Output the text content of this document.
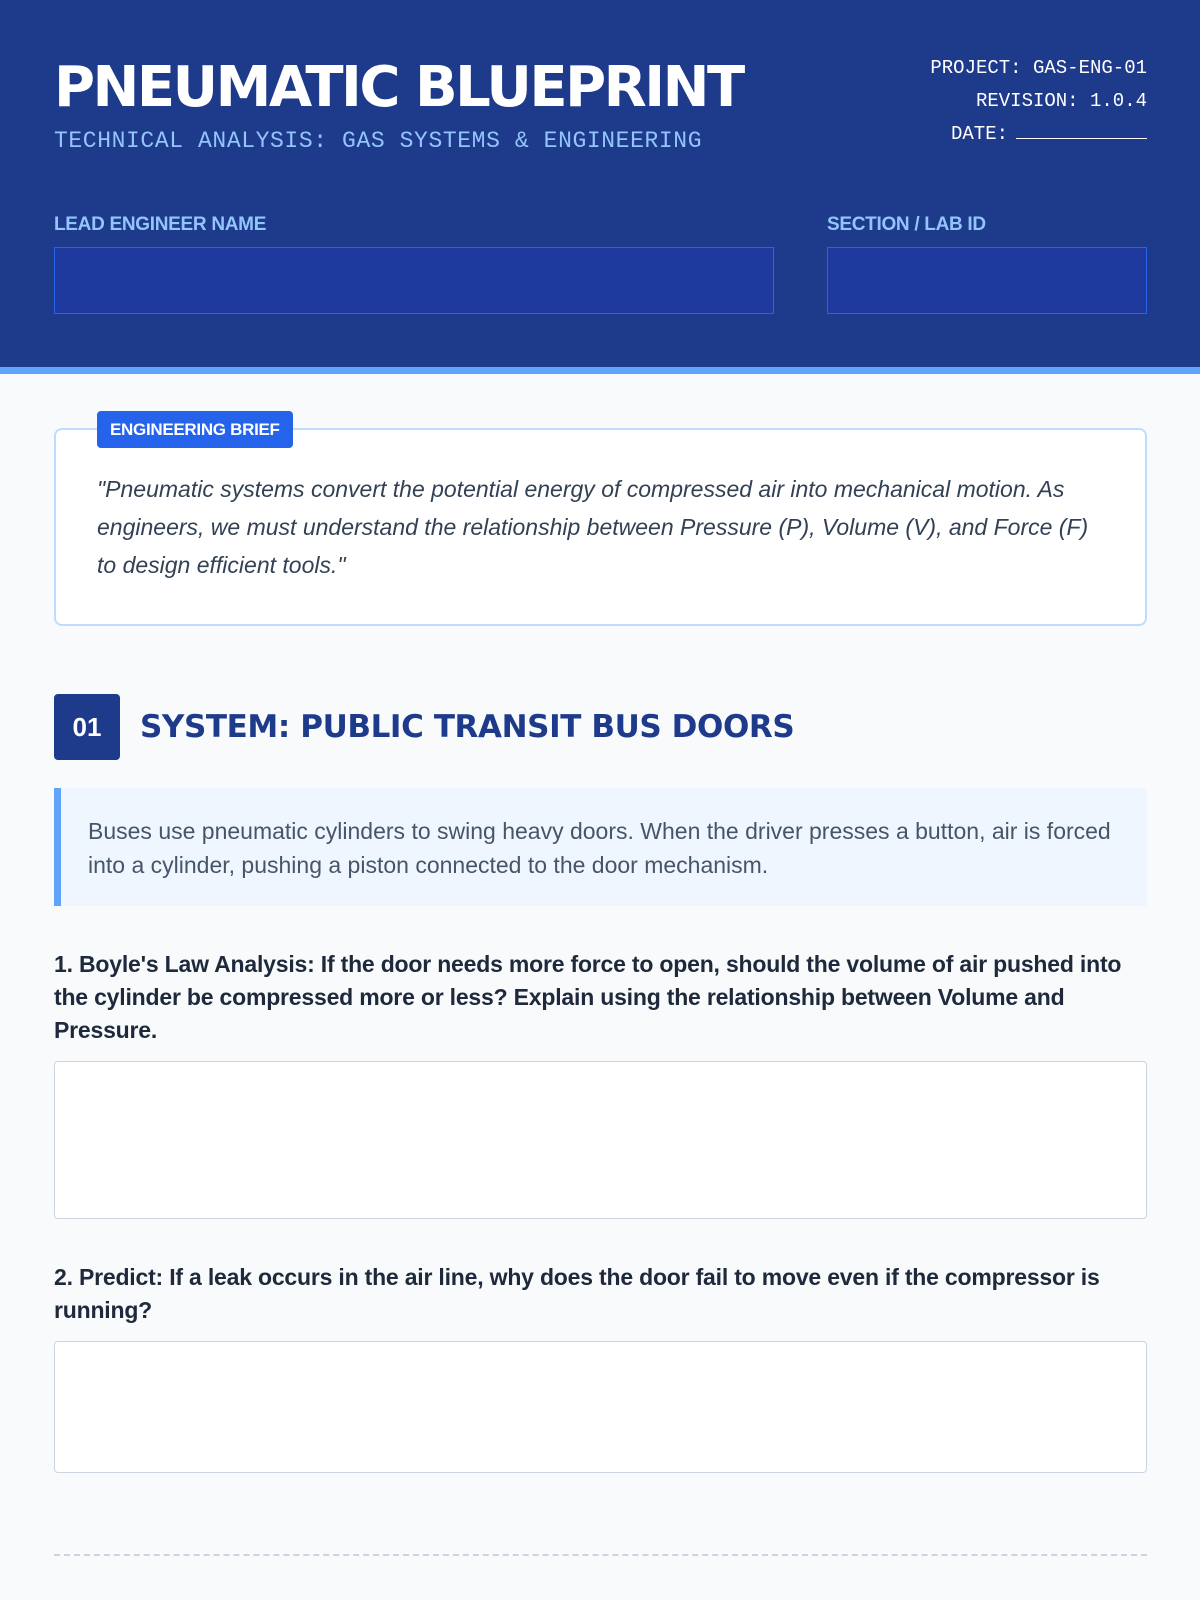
PNEUMATIC BLUEPRINT
TECHNICAL ANALYSIS: GAS SYSTEMS & ENGINEERING
PROJECT: GAS-ENG-01
REVISION: 1.0.4
DATE:
LEAD ENGINEER NAME	SECTION / LAB ID
ENGINEERING BRIEF
"Pneumatic systems convert the potential energy of compressed air into mechanical motion. As engineers, we must understand the relationship between Pressure (P), Volume (V), and Force (F) to design efficient tools."
01	SYSTEM: PUBLIC TRANSIT BUS DOORS
Buses use pneumatic cylinders to swing heavy doors. When the driver presses a button, air is forced into a cylinder, pushing a piston connected to the door mechanism.
1. Boyle's Law Analysis: If the door needs more force to open, should the volume of air pushed into the cylinder be compressed more or less? Explain using the relationship between Volume and Pressure.
2. Predict: If a leak occurs in the air line, why does the door fail to move even if the compressor is running?
